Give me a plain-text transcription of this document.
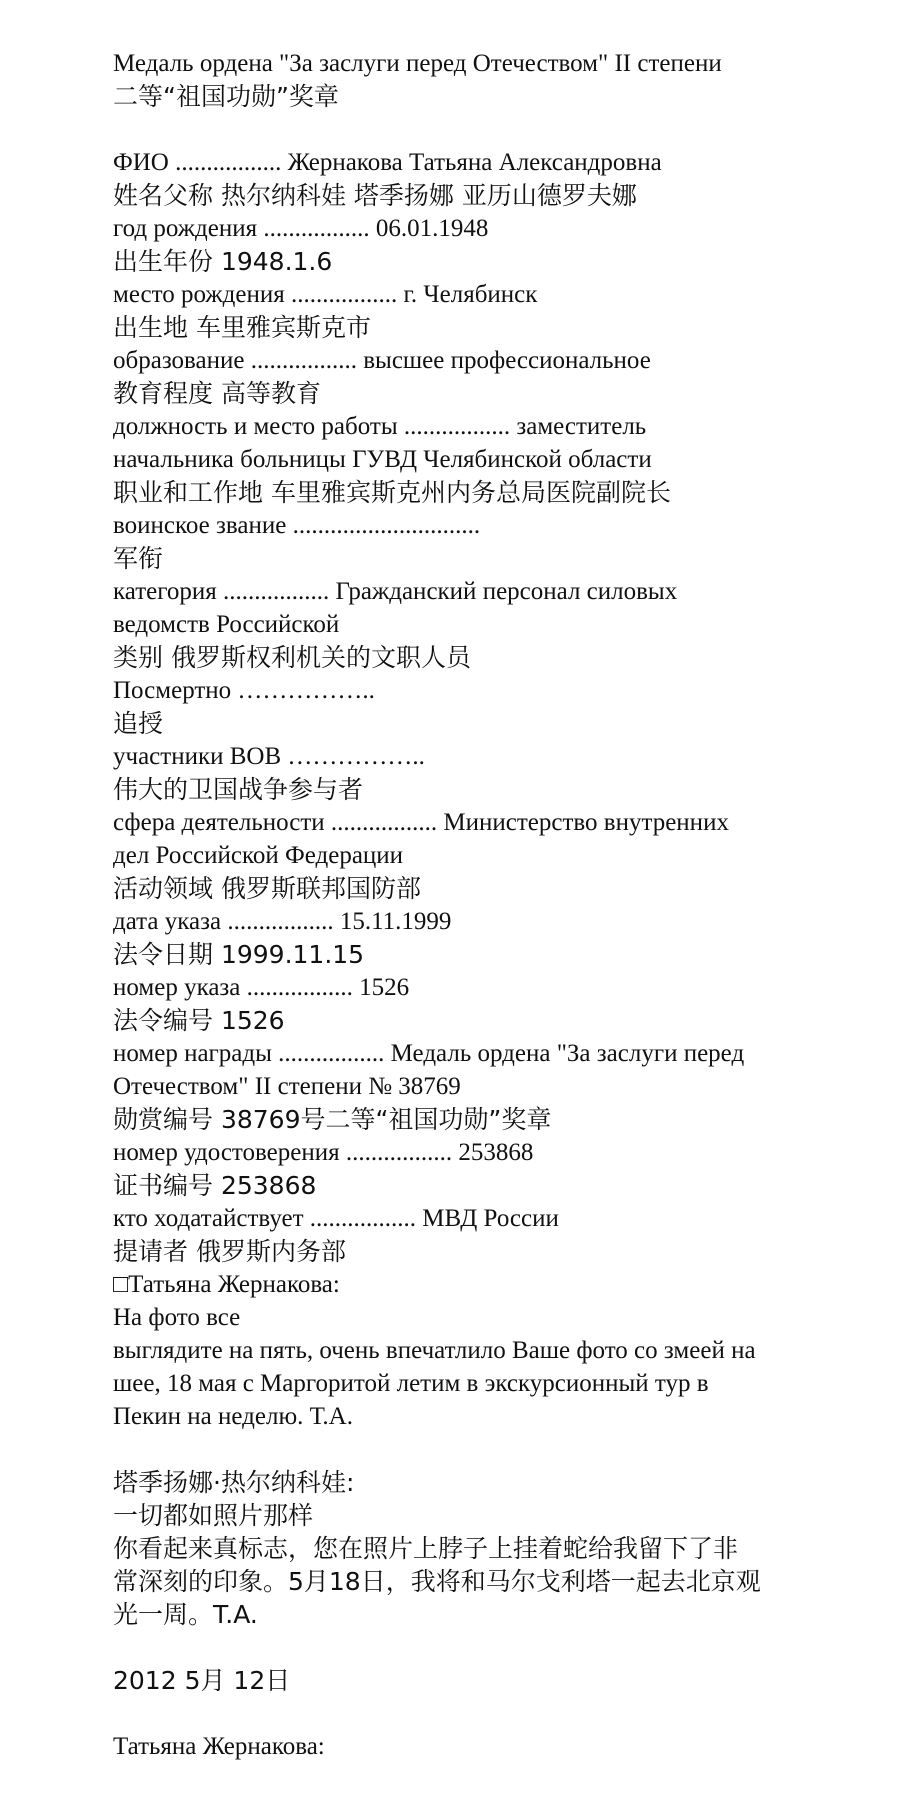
Медаль ордена "За заслуги перед Отечеством" II степени

二等“祖国功勋”奖章

ФИО ................. Жернакова Татьяна Александровна

姓名父称 热尔纳科娃 塔季扬娜 亚历山德罗夫娜

год рождения ................. 06.01.1948

出生年份 1948.1.6

место рождения ................. г. Челябинск

出生地 车里雅宾斯克市

образование ................. высшее профессиональное

教育程度 高等教育

должность и место работы ................. заместитель

начальника больницы ГУВД Челябинской области

职业和工作地 车里雅宾斯克州内务总局医院副院长

воинское звание ..............................

军衔

категория ................. Гражданский персонал силовых

ведомств Российской

类别 俄罗斯权利机关的文职人员

Посмертно ……………..

追授

участники ВОВ ……………..

伟大的卫国战争参与者

сфера деятельности ................. Министерство внутренних

дел Российской Федерации

活动领域 俄罗斯联邦国防部

дата указа ................. 15.11.1999

法令日期 1999.11.15

номер указа ................. 1526

法令编号 1526

номер награды ................. Медаль ордена "За заслуги перед

Отечеством" II степени № 38769

勋赏编号 38769号二等“祖国功勋”奖章

номер удостоверения ................. 253868

证书编号 253868

кто ходатайствует ................. МВД России

提请者 俄罗斯内务部

□Татьяна Жернакова:

На фото все

выглядите на пять, очень впечатлило Ваше фото со змеей на

шее, 18 мая с Маргоритой летим в экскурсионный тур в

Пекин на неделю. Т.А.

塔季扬娜·热尔纳科娃:

一切都如照片那样

你看起来真标志，您在照片上脖子上挂着蛇给我留下了非

常深刻的印象。5月18日，我将和马尔戈利塔一起去北京观

光一周。T.A.

2012 5月 12日

Татьяна Жернакова:
